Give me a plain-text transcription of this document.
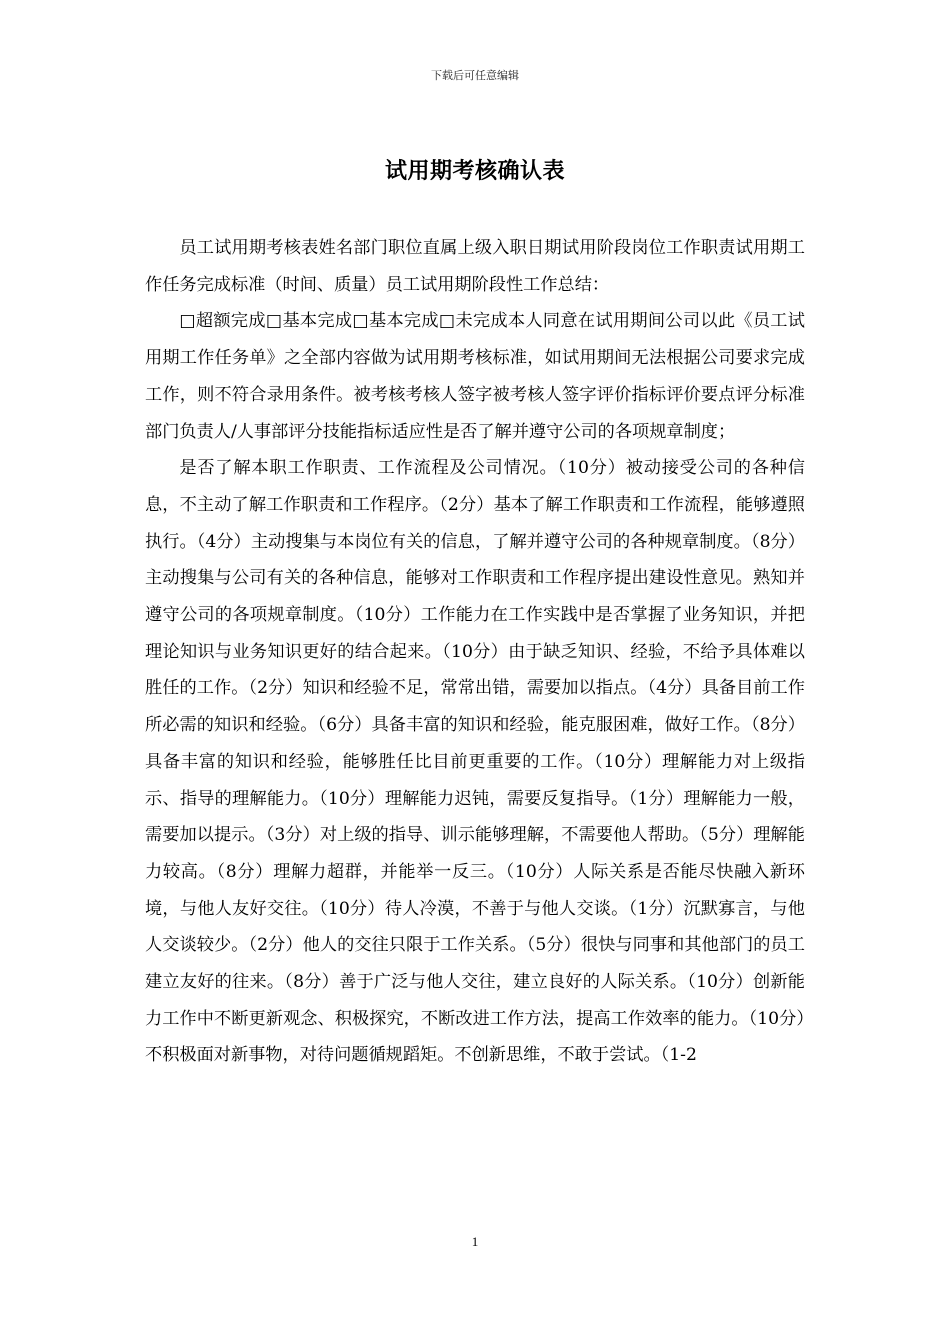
下载后可任意编辑
试用期考核确认表

员工试用期考核表姓名部门职位直属上级入职日期试用阶段岗位工作职责试用期工作任务完成标准（时间、质量）员工试用期阶段性工作总结：

□超额完成□基本完成□基本完成□未完成本人同意在试用期间公司以此《员工试用期工作任务单》之全部内容做为试用期考核标准，如试用期间无法根据公司要求完成工作，则不符合录用条件。被考核考核人签字被考核人签字评价指标评价要点评分标准部门负责人/人事部评分技能指标适应性是否了解并遵守公司的各项规章制度；

是否了解本职工作职责、工作流程及公司情况。（10分）被动接受公司的各种信息，不主动了解工作职责和工作程序。（2分）基本了解工作职责和工作流程，能够遵照执行。（4分）主动搜集与本岗位有关的信息，了解并遵守公司的各种规章制度。（8分）主动搜集与公司有关的各种信息，能够对工作职责和工作程序提出建设性意见。熟知并遵守公司的各项规章制度。（10分）工作能力在工作实践中是否掌握了业务知识，并把理论知识与业务知识更好的结合起来。（10分）由于缺乏知识、经验，不给予具体难以胜任的工作。（2分）知识和经验不足，常常出错，需要加以指点。（4分）具备目前工作所必需的知识和经验。（6分）具备丰富的知识和经验，能克服困难，做好工作。（8分）具备丰富的知识和经验，能够胜任比目前更重要的工作。（10分）理解能力对上级指示、指导的理解能力。（10分）理解能力迟钝，需要反复指导。（1分）理解能力一般，需要加以提示。（3分）对上级的指导、训示能够理解，不需要他人帮助。（5分）理解能力较高。（8分）理解力超群，并能举一反三。（10分）人际关系是否能尽快融入新环境，与他人友好交往。（10分）待人冷漠，不善于与他人交谈。（1分）沉默寡言，与他人交谈较少。（2分）他人的交往只限于工作关系。（5分）很快与同事和其他部门的员工建立友好的往来。（8分）善于广泛与他人交往，建立良好的人际关系。（10分）创新能力工作中不断更新观念、积极探究，不断改进工作方法，提高工作效率的能力。（10分）不积极面对新事物，对待问题循规蹈矩。不创新思维，不敢于尝试。（1-2

1
